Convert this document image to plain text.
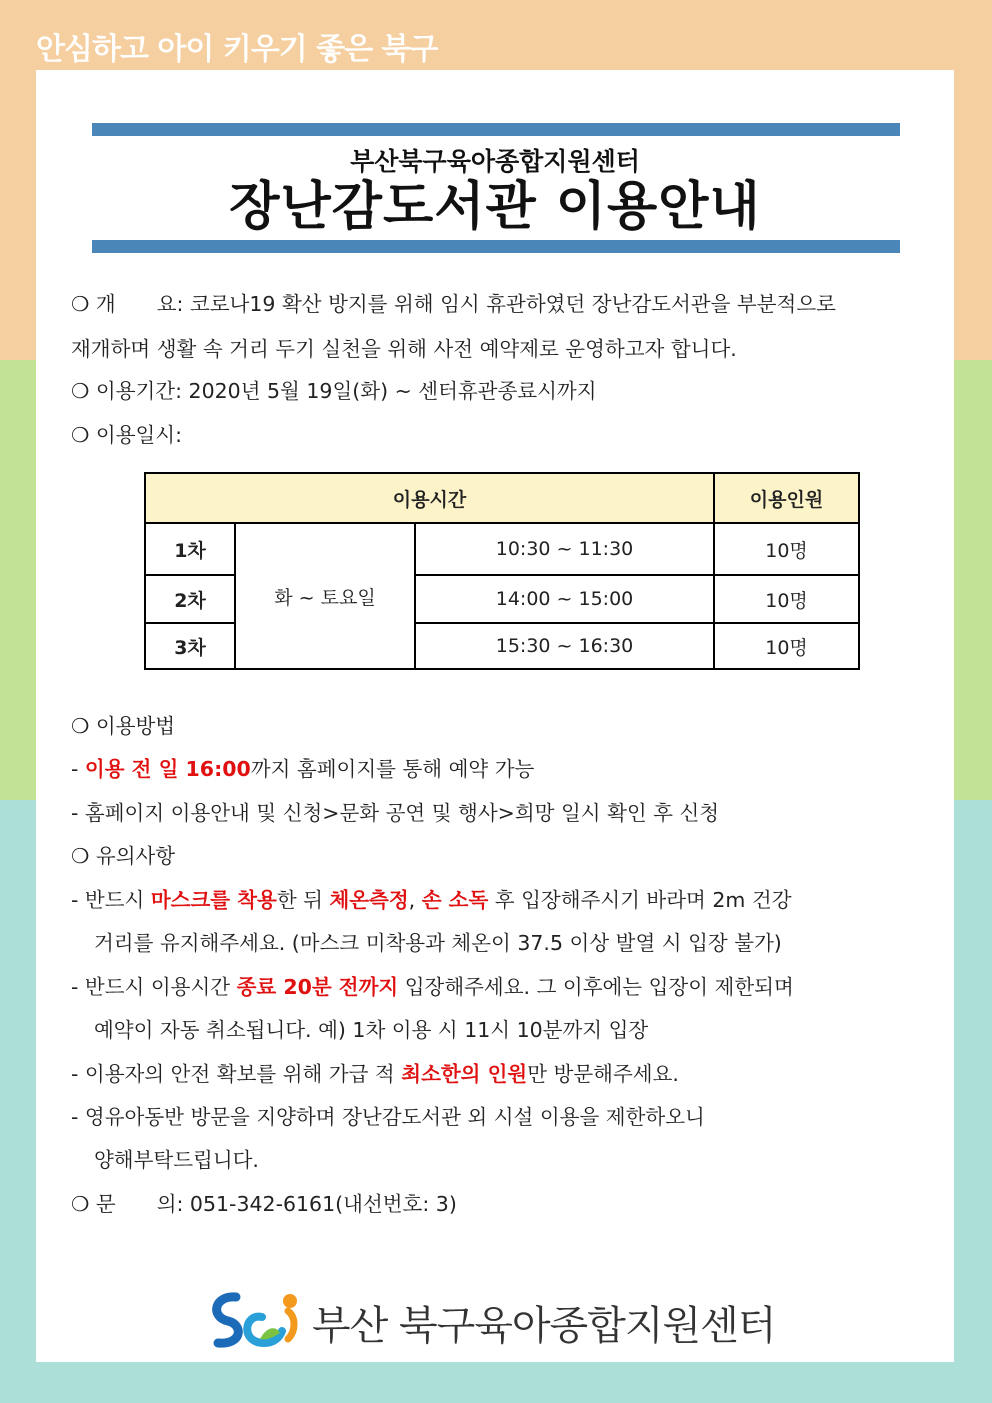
안심하고 아이 키우기 좋은 북구
부산북구육아종합지원센터
장난감도서관 이용안내
❍ 개　　요: 코로나19 확산 방지를 위해 임시 휴관하였던 장난감도서관을 부분적으로
재개하며 생활 속 거리 두기 실천을 위해 사전 예약제로 운영하고자 합니다.
❍ 이용기간: 2020년 5월 19일(화) ~ 센터휴관종료시까지
❍ 이용일시:
이용시간			이용인원
1차	화 ~ 토요일	10:30 ~ 11:30	10명
2차		14:00 ~ 15:00	10명
3차		15:30 ~ 16:30	10명
❍ 이용방법
- 이용 전 일 16:00까지 홈페이지를 통해 예약 가능
- 홈페이지 이용안내 및 신청>문화 공연 및 행사>희망 일시 확인 후 신청
❍ 유의사항
- 반드시 마스크를 착용한 뒤 체온측정, 손 소독 후 입장해주시기 바라며 2m 건강
거리를 유지해주세요. (마스크 미착용과 체온이 37.5 이상 발열 시 입장 불가)
- 반드시 이용시간 종료 20분 전까지 입장해주세요. 그 이후에는 입장이 제한되며
예약이 자동 취소됩니다. 예) 1차 이용 시 11시 10분까지 입장
- 이용자의 안전 확보를 위해 가급 적 최소한의 인원만 방문해주세요.
- 영유아동반 방문을 지양하며 장난감도서관 외 시설 이용을 제한하오니
양해부탁드립니다.
❍ 문　　의: 051-342-6161(내선번호: 3)
부산 북구육아종합지원센터
